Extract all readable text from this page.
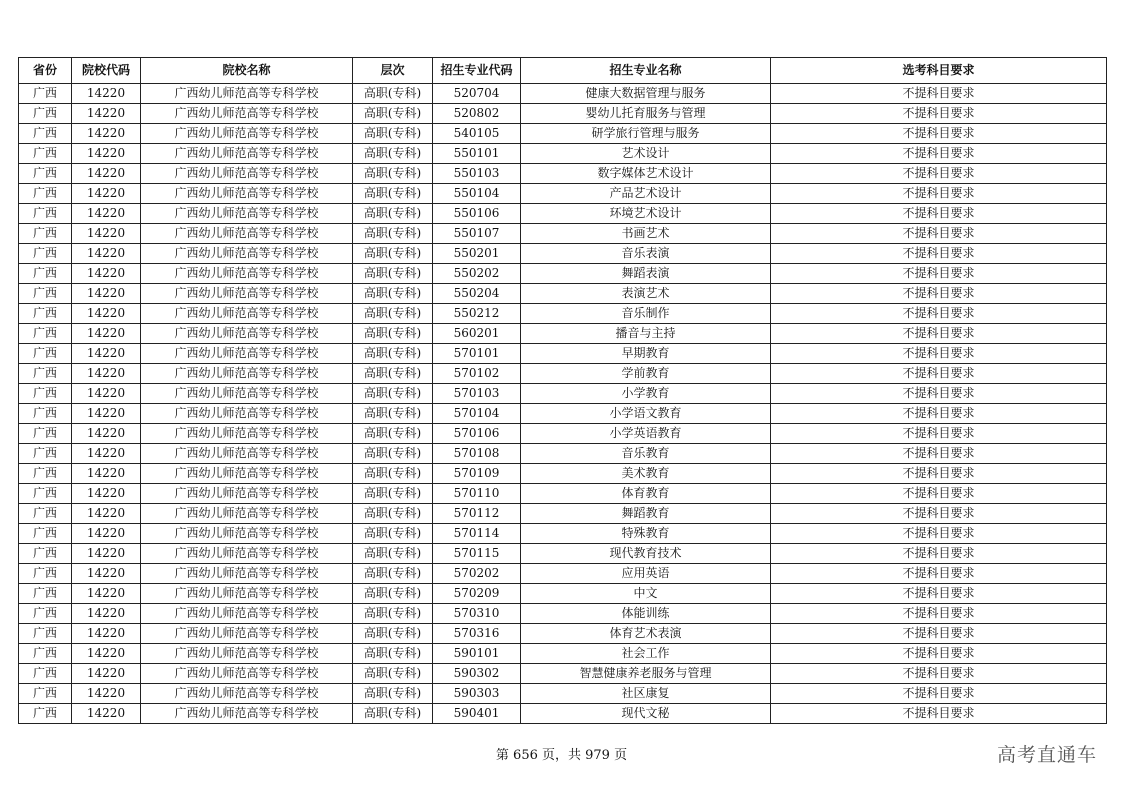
省份	院校代码	院校名称	层次	招生专业代码	招生专业名称	选考科目要求
广西	14220	广西幼儿师范高等专科学校	高职(专科)	520704	健康大数据管理与服务	不提科目要求
广西	14220	广西幼儿师范高等专科学校	高职(专科)	520802	婴幼儿托育服务与管理	不提科目要求
广西	14220	广西幼儿师范高等专科学校	高职(专科)	540105	研学旅行管理与服务	不提科目要求
广西	14220	广西幼儿师范高等专科学校	高职(专科)	550101	艺术设计	不提科目要求
广西	14220	广西幼儿师范高等专科学校	高职(专科)	550103	数字媒体艺术设计	不提科目要求
广西	14220	广西幼儿师范高等专科学校	高职(专科)	550104	产品艺术设计	不提科目要求
广西	14220	广西幼儿师范高等专科学校	高职(专科)	550106	环境艺术设计	不提科目要求
广西	14220	广西幼儿师范高等专科学校	高职(专科)	550107	书画艺术	不提科目要求
广西	14220	广西幼儿师范高等专科学校	高职(专科)	550201	音乐表演	不提科目要求
广西	14220	广西幼儿师范高等专科学校	高职(专科)	550202	舞蹈表演	不提科目要求
广西	14220	广西幼儿师范高等专科学校	高职(专科)	550204	表演艺术	不提科目要求
广西	14220	广西幼儿师范高等专科学校	高职(专科)	550212	音乐制作	不提科目要求
广西	14220	广西幼儿师范高等专科学校	高职(专科)	560201	播音与主持	不提科目要求
广西	14220	广西幼儿师范高等专科学校	高职(专科)	570101	早期教育	不提科目要求
广西	14220	广西幼儿师范高等专科学校	高职(专科)	570102	学前教育	不提科目要求
广西	14220	广西幼儿师范高等专科学校	高职(专科)	570103	小学教育	不提科目要求
广西	14220	广西幼儿师范高等专科学校	高职(专科)	570104	小学语文教育	不提科目要求
广西	14220	广西幼儿师范高等专科学校	高职(专科)	570106	小学英语教育	不提科目要求
广西	14220	广西幼儿师范高等专科学校	高职(专科)	570108	音乐教育	不提科目要求
广西	14220	广西幼儿师范高等专科学校	高职(专科)	570109	美术教育	不提科目要求
广西	14220	广西幼儿师范高等专科学校	高职(专科)	570110	体育教育	不提科目要求
广西	14220	广西幼儿师范高等专科学校	高职(专科)	570112	舞蹈教育	不提科目要求
广西	14220	广西幼儿师范高等专科学校	高职(专科)	570114	特殊教育	不提科目要求
广西	14220	广西幼儿师范高等专科学校	高职(专科)	570115	现代教育技术	不提科目要求
广西	14220	广西幼儿师范高等专科学校	高职(专科)	570202	应用英语	不提科目要求
广西	14220	广西幼儿师范高等专科学校	高职(专科)	570209	中文	不提科目要求
广西	14220	广西幼儿师范高等专科学校	高职(专科)	570310	体能训练	不提科目要求
广西	14220	广西幼儿师范高等专科学校	高职(专科)	570316	体育艺术表演	不提科目要求
广西	14220	广西幼儿师范高等专科学校	高职(专科)	590101	社会工作	不提科目要求
广西	14220	广西幼儿师范高等专科学校	高职(专科)	590302	智慧健康养老服务与管理	不提科目要求
广西	14220	广西幼儿师范高等专科学校	高职(专科)	590303	社区康复	不提科目要求
广西	14220	广西幼儿师范高等专科学校	高职(专科)	590401	现代文秘	不提科目要求
第 656 页，共 979 页	高考直通车
